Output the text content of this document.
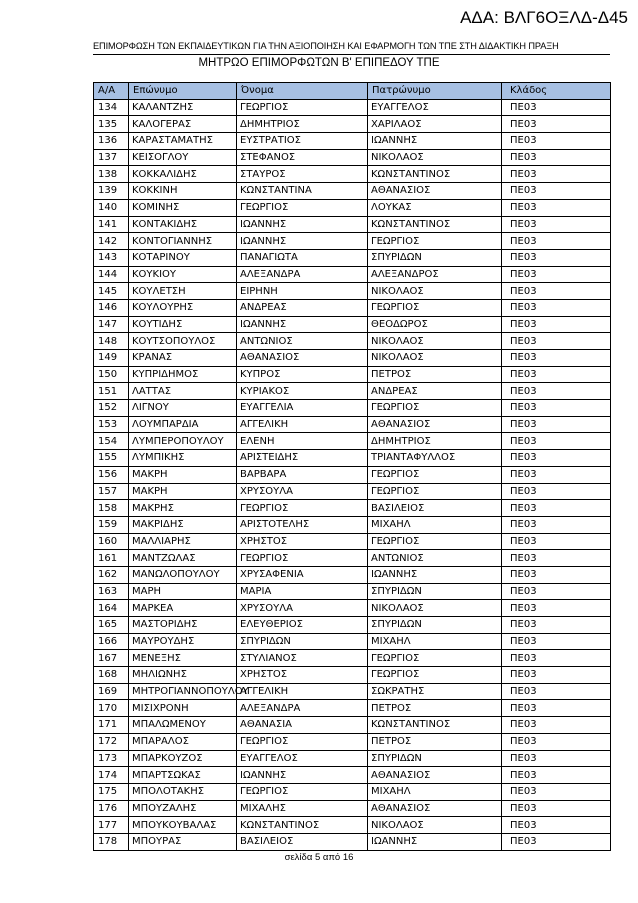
ΑΔΑ: ΒΛΓ6ΟΞΛΔ-Δ45
ΕΠΙΜΟΡΦΩΣΗ ΤΩΝ ΕΚΠΑΙΔΕΥΤΙΚΩΝ ΓΙΑ ΤΗΝ ΑΞΙΟΠΟΙΗΣΗ ΚΑΙ ΕΦΑΡΜΟΓΗ ΤΩΝ ΤΠΕ ΣΤΗ ΔΙΔΑΚΤΙΚΗ ΠΡΑΞΗ
ΜΗΤΡΩΟ ΕΠΙΜΟΡΦΩΤΩΝ Β' ΕΠΙΠΕΔΟΥ ΤΠΕ
Α/Α	Επώνυμο	Όνομα	Πατρώνυμο	Κλάδος
134	ΚΑΛΑΝΤΖΗΣ	ΓΕΩΡΓΙΟΣ	ΕΥΑΓΓΕΛΟΣ	ΠΕ03
135	ΚΑΛΟΓΕΡΑΣ	ΔΗΜΗΤΡΙΟΣ	ΧΑΡΙΛΑΟΣ	ΠΕ03
136	ΚΑΡΑΣΤΑΜΑΤΗΣ	ΕΥΣΤΡΑΤΙΟΣ	ΙΩΑΝΝΗΣ	ΠΕ03
137	ΚΕΙΣΟΓΛΟΥ	ΣΤΕΦΑΝΟΣ	ΝΙΚΟΛΑΟΣ	ΠΕ03
138	ΚΟΚΚΑΛΙΔΗΣ	ΣΤΑΥΡΟΣ	ΚΩΝΣΤΑΝΤΙΝΟΣ	ΠΕ03
139	ΚΟΚΚΙΝΗ	ΚΩΝΣΤΑΝΤΙΝΑ	ΑΘΑΝΑΣΙΟΣ	ΠΕ03
140	ΚΟΜΙΝΗΣ	ΓΕΩΡΓΙΟΣ	ΛΟΥΚΑΣ	ΠΕ03
141	ΚΟΝΤΑΚΙΔΗΣ	ΙΩΑΝΝΗΣ	ΚΩΝΣΤΑΝΤΙΝΟΣ	ΠΕ03
142	ΚΟΝΤΟΓΙΑΝΝΗΣ	ΙΩΑΝΝΗΣ	ΓΕΩΡΓΙΟΣ	ΠΕ03
143	ΚΟΤΑΡΙΝΟΥ	ΠΑΝΑΓΙΩΤΑ	ΣΠΥΡΙΔΩΝ	ΠΕ03
144	ΚΟΥΚΙΟΥ	ΑΛΕΞΑΝΔΡΑ	ΑΛΕΞΑΝΔΡΟΣ	ΠΕ03
145	ΚΟΥΛΕΤΣΗ	ΕΙΡΗΝΗ	ΝΙΚΟΛΑΟΣ	ΠΕ03
146	ΚΟΥΛΟΥΡΗΣ	ΑΝΔΡΕΑΣ	ΓΕΩΡΓΙΟΣ	ΠΕ03
147	ΚΟΥΤΙΔΗΣ	ΙΩΑΝΝΗΣ	ΘΕΟΔΩΡΟΣ	ΠΕ03
148	ΚΟΥΤΣΟΠΟΥΛΟΣ	ΑΝΤΩΝΙΟΣ	ΝΙΚΟΛΑΟΣ	ΠΕ03
149	ΚΡΑΝΑΣ	ΑΘΑΝΑΣΙΟΣ	ΝΙΚΟΛΑΟΣ	ΠΕ03
150	ΚΥΠΡΙΔΗΜΟΣ	ΚΥΠΡΟΣ	ΠΕΤΡΟΣ	ΠΕ03
151	ΛΑΤΤΑΣ	ΚΥΡΙΑΚΟΣ	ΑΝΔΡΕΑΣ	ΠΕ03
152	ΛΙΓΝΟΥ	ΕΥΑΓΓΕΛΙΑ	ΓΕΩΡΓΙΟΣ	ΠΕ03
153	ΛΟΥΜΠΑΡΔΙΑ	ΑΓΓΕΛΙΚΗ	ΑΘΑΝΑΣΙΟΣ	ΠΕ03
154	ΛΥΜΠΕΡΟΠΟΥΛΟΥ	ΕΛΕΝΗ	ΔΗΜΗΤΡΙΟΣ	ΠΕ03
155	ΛΥΜΠΙΚΗΣ	ΑΡΙΣΤΕΙΔΗΣ	ΤΡΙΑΝΤΑΦΥΛΛΟΣ	ΠΕ03
156	ΜΑΚΡΗ	ΒΑΡΒΑΡΑ	ΓΕΩΡΓΙΟΣ	ΠΕ03
157	ΜΑΚΡΗ	ΧΡΥΣΟΥΛΑ	ΓΕΩΡΓΙΟΣ	ΠΕ03
158	ΜΑΚΡΗΣ	ΓΕΩΡΓΙΟΣ	ΒΑΣΙΛΕΙΟΣ	ΠΕ03
159	ΜΑΚΡΙΔΗΣ	ΑΡΙΣΤΟΤΕΛΗΣ	ΜΙΧΑΗΛ	ΠΕ03
160	ΜΑΛΛΙΑΡΗΣ	ΧΡΗΣΤΟΣ	ΓΕΩΡΓΙΟΣ	ΠΕ03
161	ΜΑΝΤΖΩΛΑΣ	ΓΕΩΡΓΙΟΣ	ΑΝΤΩΝΙΟΣ	ΠΕ03
162	ΜΑΝΩΛΟΠΟΥΛΟΥ	ΧΡΥΣΑΦΕΝΙΑ	ΙΩΑΝΝΗΣ	ΠΕ03
163	ΜΑΡΗ	ΜΑΡΙΑ	ΣΠΥΡΙΔΩΝ	ΠΕ03
164	ΜΑΡΚΕΑ	ΧΡΥΣΟΥΛΑ	ΝΙΚΟΛΑΟΣ	ΠΕ03
165	ΜΑΣΤΟΡΙΔΗΣ	ΕΛΕΥΘΕΡΙΟΣ	ΣΠΥΡΙΔΩΝ	ΠΕ03
166	ΜΑΥΡΟΥΔΗΣ	ΣΠΥΡΙΔΩΝ	ΜΙΧΑΗΛ	ΠΕ03
167	ΜΕΝΕΞΗΣ	ΣΤΥΛΙΑΝΟΣ	ΓΕΩΡΓΙΟΣ	ΠΕ03
168	ΜΗΛΙΩΝΗΣ	ΧΡΗΣΤΟΣ	ΓΕΩΡΓΙΟΣ	ΠΕ03
169	ΜΗΤΡΟΓΙΑΝΝΟΠΟΥΛΟΥ	ΑΓΓΕΛΙΚΗ	ΣΩΚΡΑΤΗΣ	ΠΕ03
170	ΜΙΣΙΧΡΟΝΗ	ΑΛΕΞΑΝΔΡΑ	ΠΕΤΡΟΣ	ΠΕ03
171	ΜΠΑΛΩΜΕΝΟΥ	ΑΘΑΝΑΣΙΑ	ΚΩΝΣΤΑΝΤΙΝΟΣ	ΠΕ03
172	ΜΠΑΡΑΛΟΣ	ΓΕΩΡΓΙΟΣ	ΠΕΤΡΟΣ	ΠΕ03
173	ΜΠΑΡΚΟΥΖΟΣ	ΕΥΑΓΓΕΛΟΣ	ΣΠΥΡΙΔΩΝ	ΠΕ03
174	ΜΠΑΡΤΣΩΚΑΣ	ΙΩΑΝΝΗΣ	ΑΘΑΝΑΣΙΟΣ	ΠΕ03
175	ΜΠΟΛΟΤΑΚΗΣ	ΓΕΩΡΓΙΟΣ	ΜΙΧΑΗΛ	ΠΕ03
176	ΜΠΟΥΖΑΛΗΣ	ΜΙΧΑΛΗΣ	ΑΘΑΝΑΣΙΟΣ	ΠΕ03
177	ΜΠΟΥΚΟΥΒΑΛΑΣ	ΚΩΝΣΤΑΝΤΙΝΟΣ	ΝΙΚΟΛΑΟΣ	ΠΕ03
178	ΜΠΟΥΡΑΣ	ΒΑΣΙΛΕΙΟΣ	ΙΩΑΝΝΗΣ	ΠΕ03
σελίδα 5 από 16
